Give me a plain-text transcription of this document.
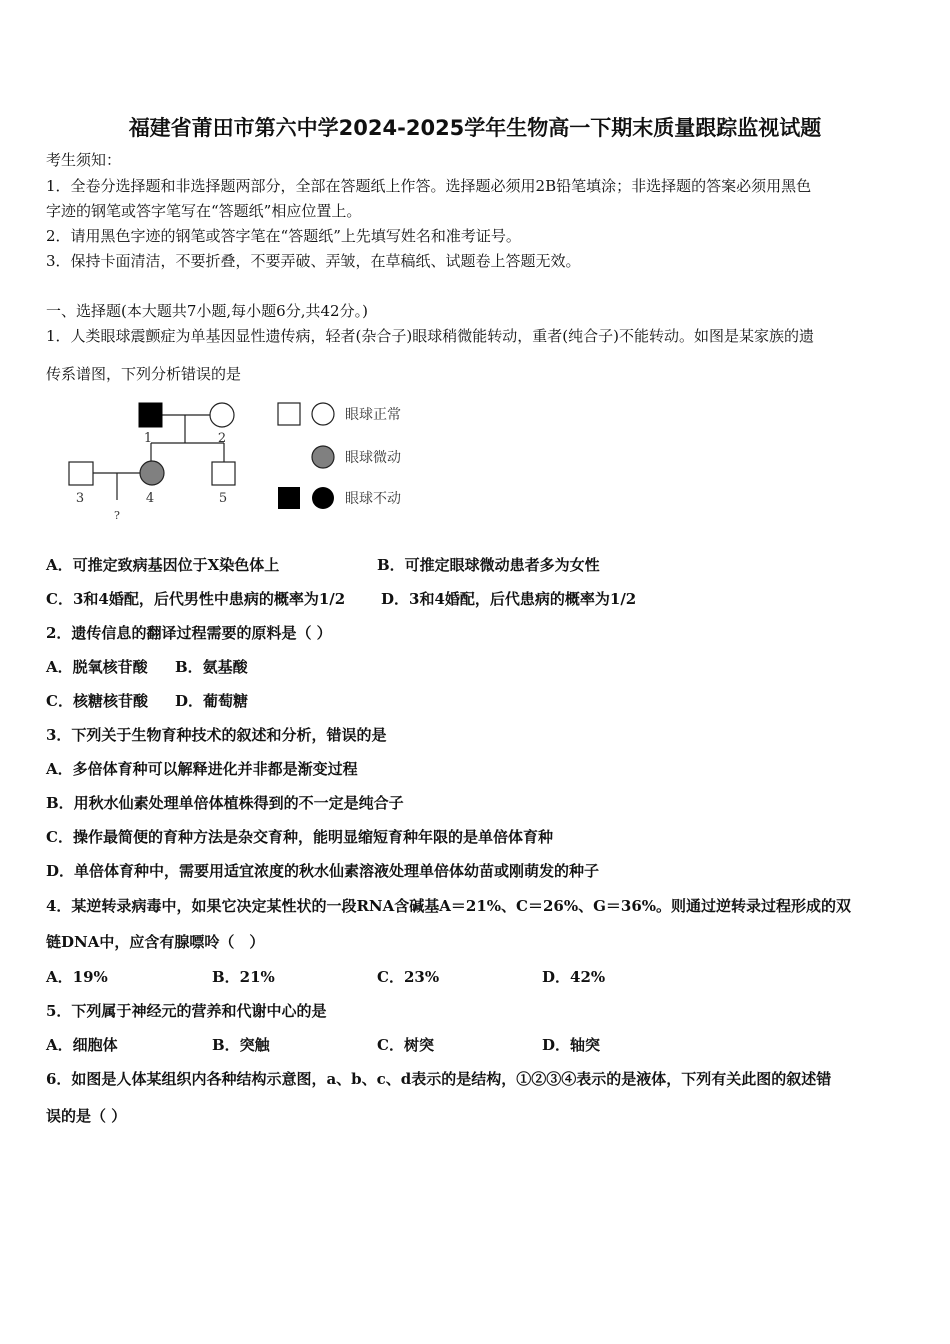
福建省莆田市第六中学2024-2025学年生物高一下期末质量跟踪监视试题
考生须知：
1．全卷分选择题和非选择题两部分，全部在答题纸上作答。选择题必须用2B铅笔填涂；非选择题的答案必须用黑色
字迹的钢笔或答字笔写在“答题纸”相应位置上。
2．请用黑色字迹的钢笔或答字笔在“答题纸”上先填写姓名和准考证号。
3．保持卡面清洁，不要折叠，不要弄破、弄皱，在草稿纸、试题卷上答题无效。
一、选择题(本大题共7小题,每小题6分,共42分。)
1．人类眼球震颤症为单基因显性遗传病，轻者(杂合子)眼球稍微能转动，重者(纯合子)不能转动。如图是某家族的遗
传系谱图，下列分析错误的是
1	2
3	4	5
?
眼球正常
眼球微动
眼球不动
A．可推定致病基因位于X染色体上	B．可推定眼球微动患者多为女性
C．3和4婚配，后代男性中患病的概率为1/2 D．3和4婚配，后代患病的概率为1/2
2．遗传信息的翻译过程需要的原料是（ ）
A．脱氧核苷酸 B．氨基酸
C．核糖核苷酸 D．葡萄糖
3．下列关于生物育种技术的叙述和分析，错误的是
A．多倍体育种可以解释进化并非都是渐变过程
B．用秋水仙素处理单倍体植株得到的不一定是纯合子
C．操作最简便的育种方法是杂交育种，能明显缩短育种年限的是单倍体育种
D．单倍体育种中，需要用适宜浓度的秋水仙素溶液处理单倍体幼苗或刚萌发的种子
4．某逆转录病毒中，如果它决定某性状的一段RNA含碱基A＝21%、C＝26%、G＝36%。则通过逆转录过程形成的双
链DNA中，应含有腺嘌呤（　）
A．19%	B．21%	C．23%	D．42%
5．下列属于神经元的营养和代谢中心的是
A．细胞体	B．突触	C．树突	D．轴突
6．如图是人体某组织内各种结构示意图，a、b、c、d表示的是结构，①②③④表示的是液体，下列有关此图的叙述错
误的是（ ）
